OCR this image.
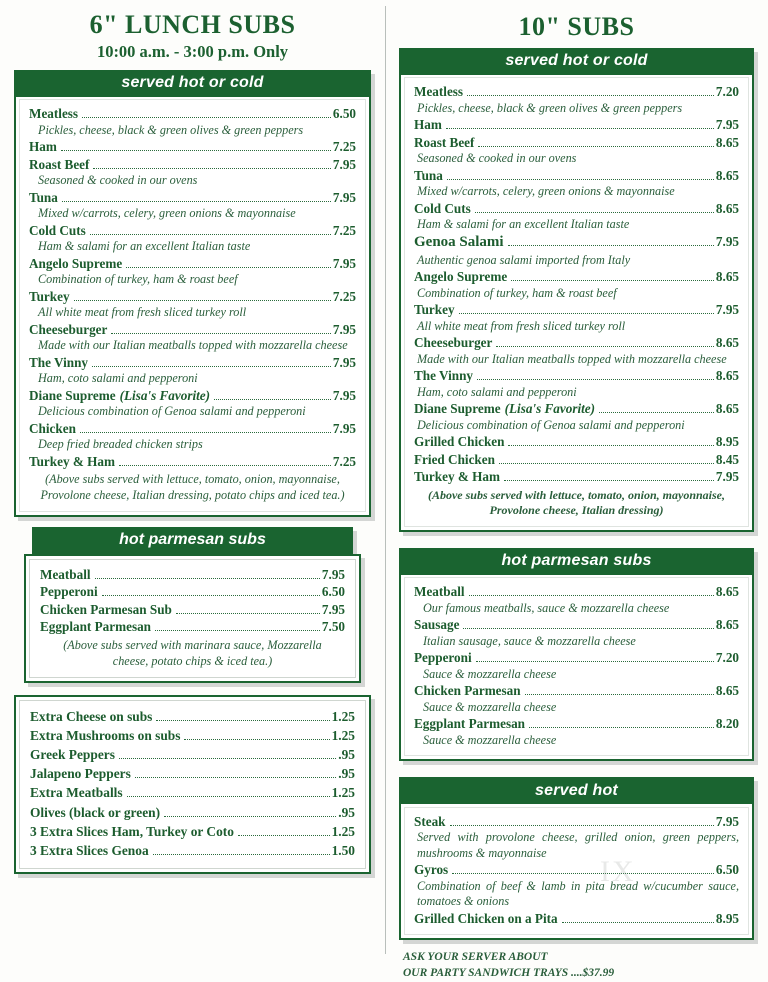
6" LUNCH SUBS
10:00 a.m. - 3:00 p.m. Only
served hot or cold
Meatless	6.50
Pickles, cheese, black & green olives & green peppers
Ham	7.25
Roast Beef	7.95
Seasoned & cooked in our ovens
Tuna	7.95
Mixed w/carrots, celery, green onions & mayonnaise
Cold Cuts	7.25
Ham & salami for an excellent Italian taste
Angelo Supreme	7.95
Combination of turkey, ham & roast beef
Turkey	7.25
All white meat from fresh sliced turkey roll
Cheeseburger	7.95
Made with our Italian meatballs topped with mozzarella cheese
The Vinny	7.95
Ham, coto salami and pepperoni
Diane Supreme (Lisa's Favorite)	7.95
Delicious combination of Genoa salami and pepperoni
Chicken	7.95
Deep fried breaded chicken strips
Turkey & Ham	7.25
(Above subs served with lettuce, tomato, onion, mayonnaise, Provolone cheese, Italian dressing, potato chips and iced tea.)
hot parmesan subs
Meatball	7.95
Pepperoni	6.50
Chicken Parmesan Sub	7.95
Eggplant Parmesan	7.50
(Above subs served with marinara sauce, Mozzarella cheese, potato chips & iced tea.)
Extra Cheese on subs	1.25
Extra Mushrooms on subs	1.25
Greek Peppers	.95
Jalapeno Peppers	.95
Extra Meatballs	1.25
Olives (black or green)	.95
3 Extra Slices Ham, Turkey or Coto	1.25
3 Extra Slices Genoa	1.50
10" SUBS
served hot or cold
Meatless	7.20
Pickles, cheese, black & green olives & green peppers
Ham	7.95
Roast Beef	8.65
Seasoned & cooked in our ovens
Tuna	8.65
Mixed w/carrots, celery, green onions & mayonnaise
Cold Cuts	8.65
Ham & salami for an excellent Italian taste
Genoa Salami	7.95
Authentic genoa salami imported from Italy
Angelo Supreme	8.65
Combination of turkey, ham & roast beef
Turkey	7.95
All white meat from fresh sliced turkey roll
Cheeseburger	8.65
Made with our Italian meatballs topped with mozzarella cheese
The Vinny	8.65
Ham, coto salami and pepperoni
Diane Supreme (Lisa's Favorite)	8.65
Delicious combination of Genoa salami and pepperoni
Grilled Chicken	8.95
Fried Chicken	8.45
Turkey & Ham	7.95
(Above subs served with lettuce, tomato, onion, mayonnaise, Provolone cheese, Italian dressing)
hot parmesan subs
Meatball	8.65
Our famous meatballs, sauce & mozzarella cheese
Sausage	8.65
Italian sausage, sauce & mozzarella cheese
Pepperoni	7.20
Sauce & mozzarella cheese
Chicken Parmesan	8.65
Sauce & mozzarella cheese
Eggplant Parmesan	8.20
Sauce & mozzarella cheese
served hot
Steak	7.95
Served with provolone cheese, grilled onion, green peppers, mushrooms & mayonnaise
Gyros	6.50
Combination of beef & lamb in pita bread w/cucumber sauce, tomatoes & onions
Grilled Chicken on a Pita	8.95
ASK YOUR SERVER ABOUT
OUR PARTY SANDWICH TRAYS ....$37.99
IX
